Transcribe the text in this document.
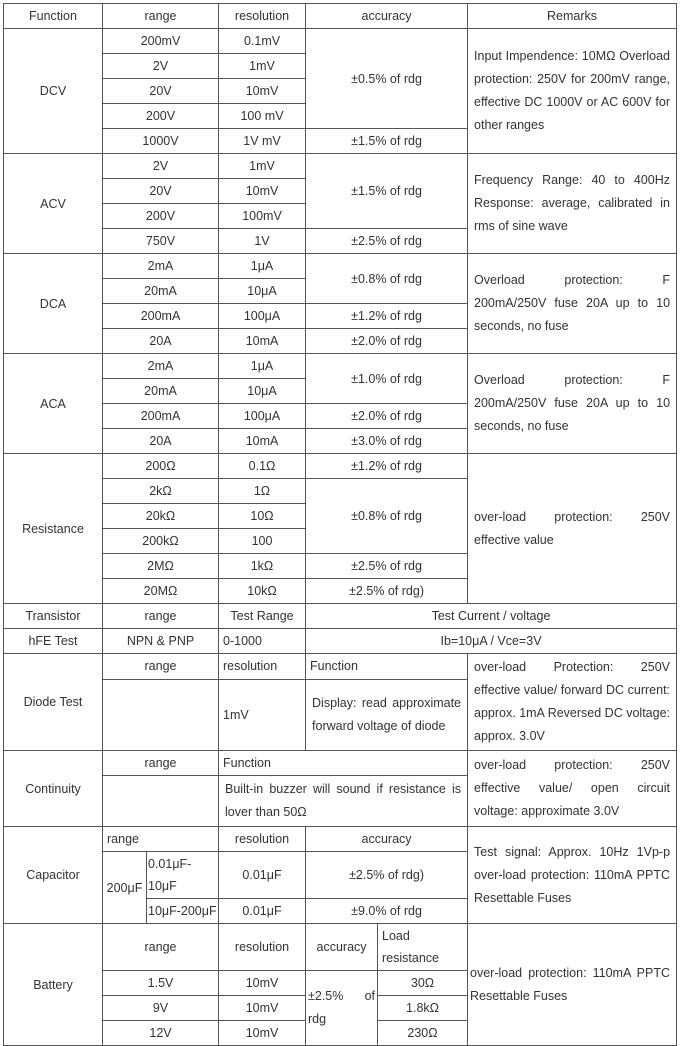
Function	range		resolution	accuracy		Remarks
DCV	200mV		0.1mV	±0.5% of rdg		Input Impendence: 10MΩ Overload protection: 250V for 200mV range, effective DC 1000V or AC 600V for other ranges
	2V		1mV			
	20V		10mV			
	200V		100 mV			
	1000V		1V mV	±1.5% of rdg		
ACV	2V		1mV	±1.5% of rdg		Frequency Range: 40 to 400Hz Response: average, calibrated in rms of sine wave
	20V		10mV			
	200V		100mV			
	750V		1V	±2.5% of rdg		
DCA	2mA		1μA	±0.8% of rdg		Overload protection: F 200mA/250V fuse 20A up to 10 seconds, no fuse
	20mA		10μA			
	200mA		100μA	±1.2% of rdg		
	20A		10mA	±2.0% of rdg		
ACA	2mA		1μA	±1.0% of rdg		Overload protection: F 200mA/250V fuse 20A up to 10 seconds, no fuse
	20mA		10μA			
	200mA		100μA	±2.0% of rdg		
	20A		10mA	±3.0% of rdg		
Resistance	200Ω		0.1Ω	±1.2% of rdg		over-load protection: 250V effective value
	2kΩ		1Ω	±0.8% of rdg		
	20kΩ		10Ω			
	200kΩ		100			
	2MΩ		1kΩ	±2.5% of rdg		
	20MΩ		10kΩ	±2.5% of rdg)		
Transistor	range		Test Range	Test Current / voltage		
hFE Test	NPN & PNP		0-1000	Ib=10μA / Vce=3V		
Diode Test	range		resolution	Function		over-load Protection: 250V effective value/ forward DC current: approx. 1mA Reversed DC voltage: approx. 3.0V
			1mV	Display: read approximate forward voltage of diode		
Continuity	range		Function			over-load protection: 250V effective value/ open circuit voltage: approximate 3.0V
			Built-in buzzer will sound if resistance is lover than 50Ω			
Capacitor	range		resolution	accuracy		Test signal: Approx. 10Hz 1Vp-p over-load protection: 110mA PPTC Resettable Fuses
	200μF	0.01μF-10μF	0.01μF	±2.5% of rdg)		
		10μF-200μF	0.01μF	±9.0% of rdg		
Battery	range		resolution	accuracy	Load resistance	over-load protection: 110mA PPTC Resettable Fuses
	1.5V		10mV	±2.5% of rdg	30Ω	
	9V		10mV		1.8kΩ	
	12V		10mV		230Ω	
